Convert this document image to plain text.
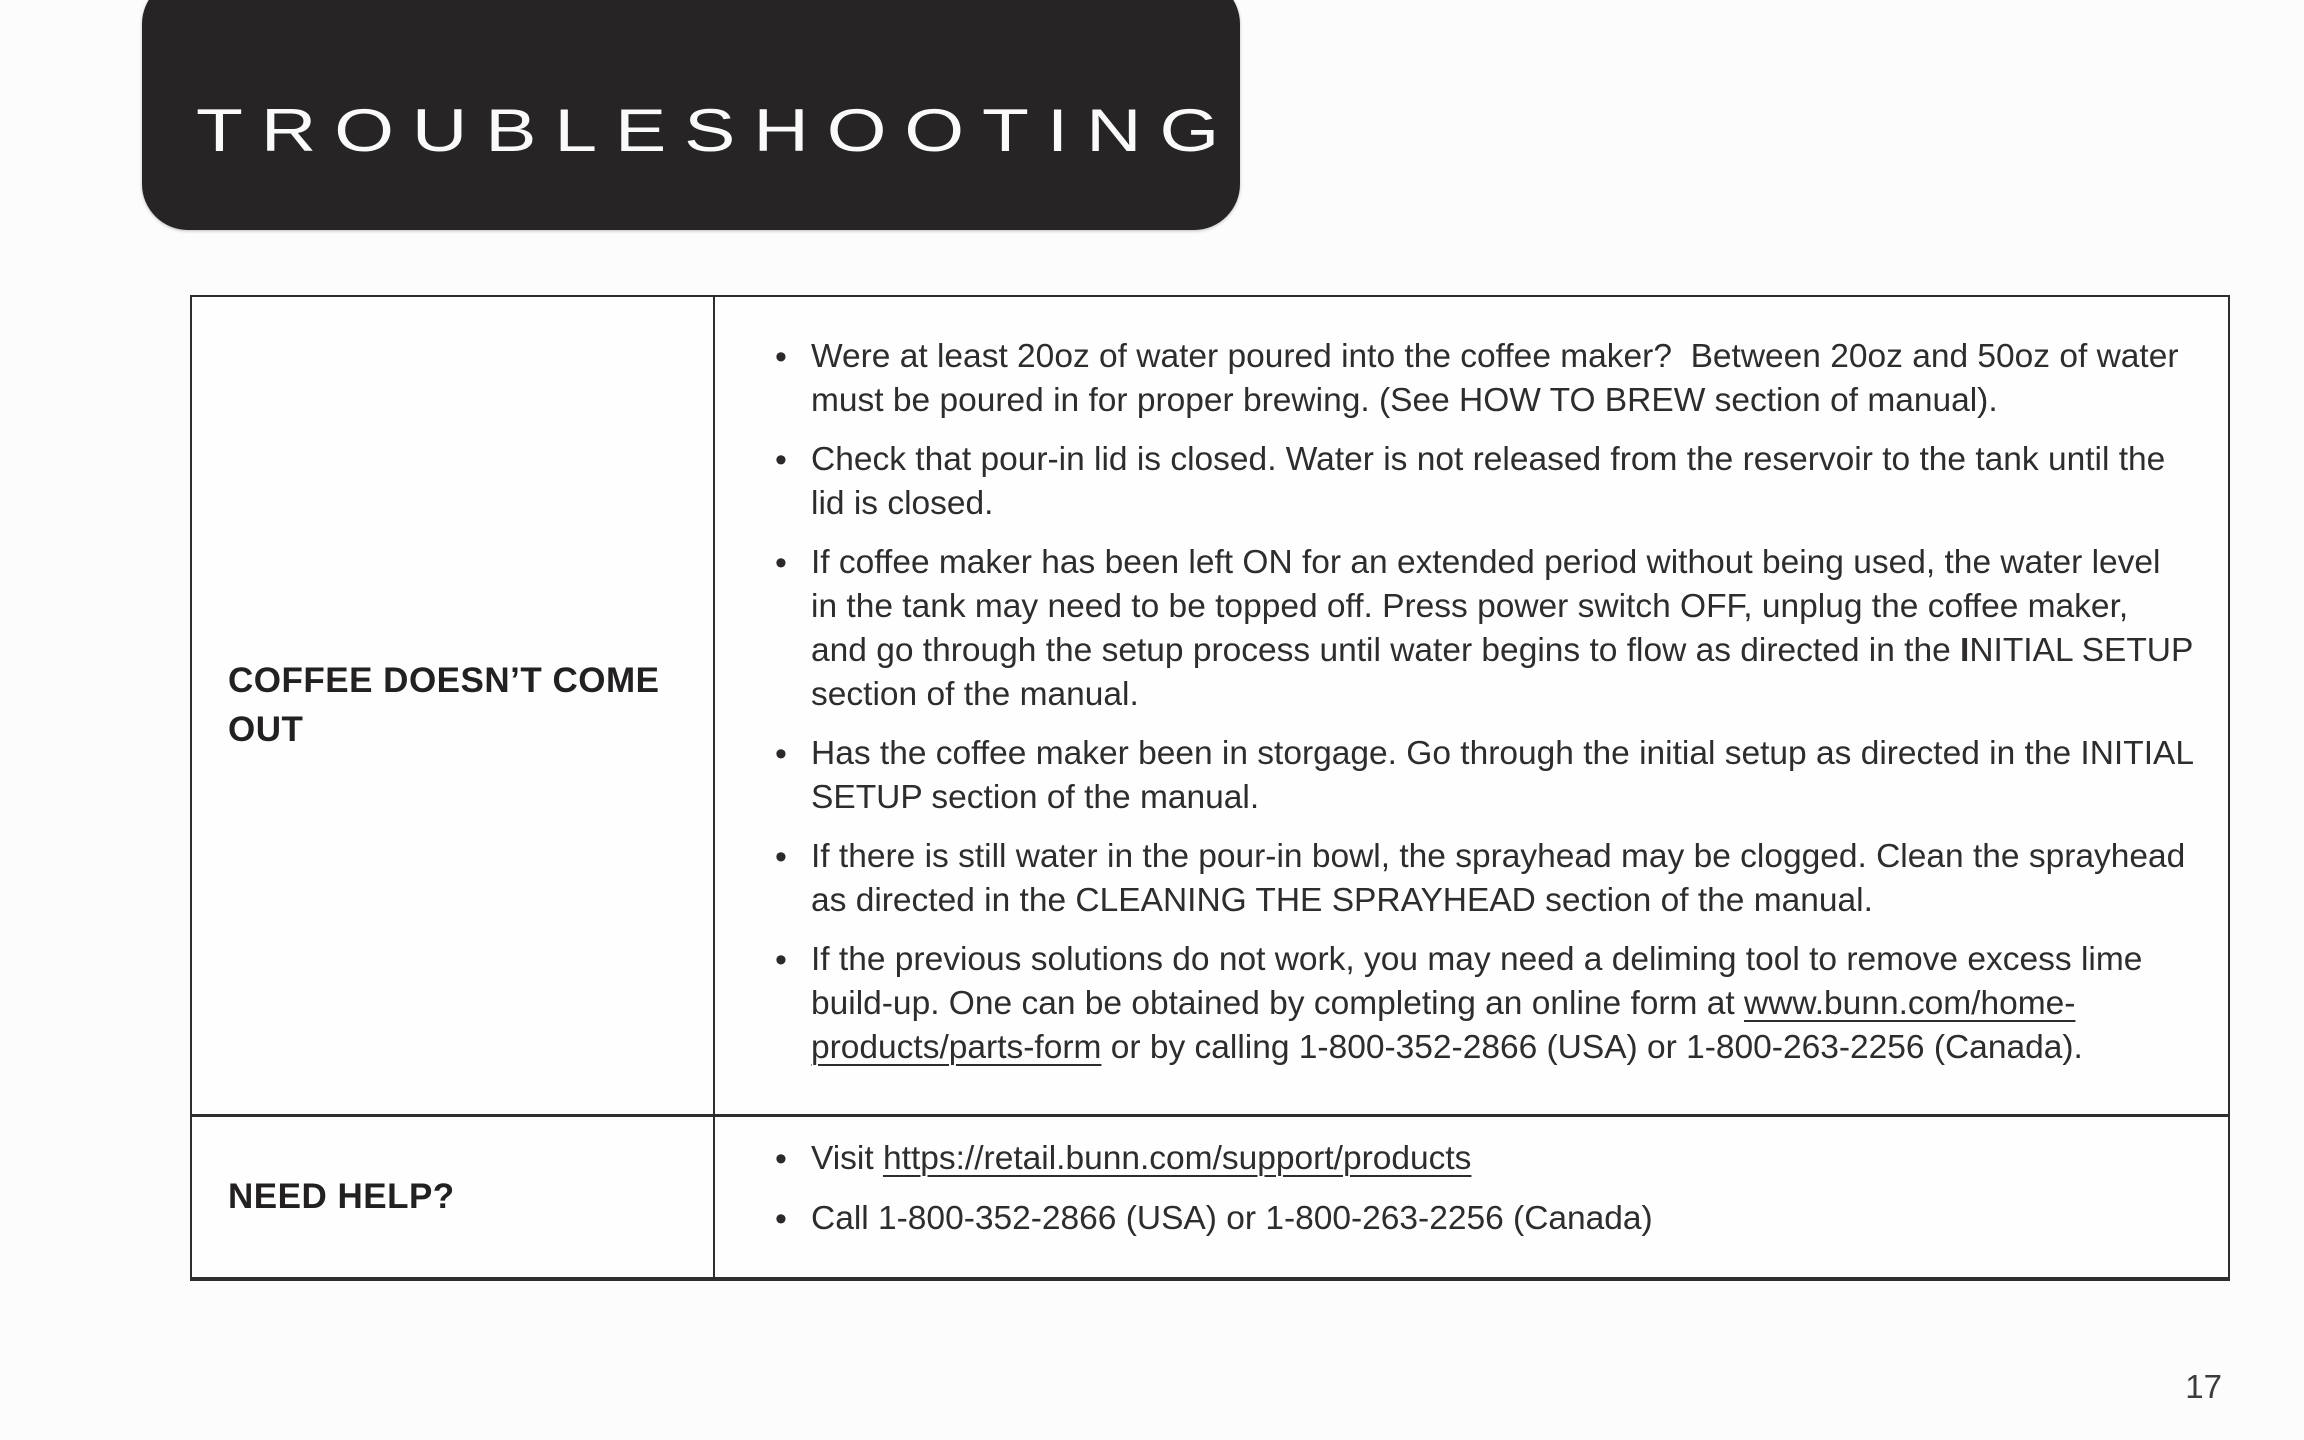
TROUBLESHOOTING
COFFEE DOESN’T COME OUT
• Were at least 20oz of water poured into the coffee maker?  Between 20oz and 50oz of water must be poured in for proper brewing. (See HOW TO BREW section of manual).
• Check that pour-in lid is closed. Water is not released from the reservoir to the tank until the lid is closed.
• If coffee maker has been left ON for an extended period without being used, the water level in the tank may need to be topped off. Press power switch OFF, unplug the coffee maker, and go through the setup process until water begins to flow as directed in the INITIAL SETUP section of the manual.
• Has the coffee maker been in storgage. Go through the initial setup as directed in the INITIAL SETUP section of the manual.
• If there is still water in the pour-in bowl, the sprayhead may be clogged. Clean the sprayhead as directed in the CLEANING THE SPRAYHEAD section of the manual.
• If the previous solutions do not work, you may need a deliming tool to remove excess lime build-up. One can be obtained by completing an online form at www.bunn.com/home-products/parts-form or by calling 1-800-352-2866 (USA) or 1-800-263-2256 (Canada).
NEED HELP?
• Visit https://retail.bunn.com/support/products
• Call 1-800-352-2866 (USA) or 1-800-263-2256 (Canada)
17
